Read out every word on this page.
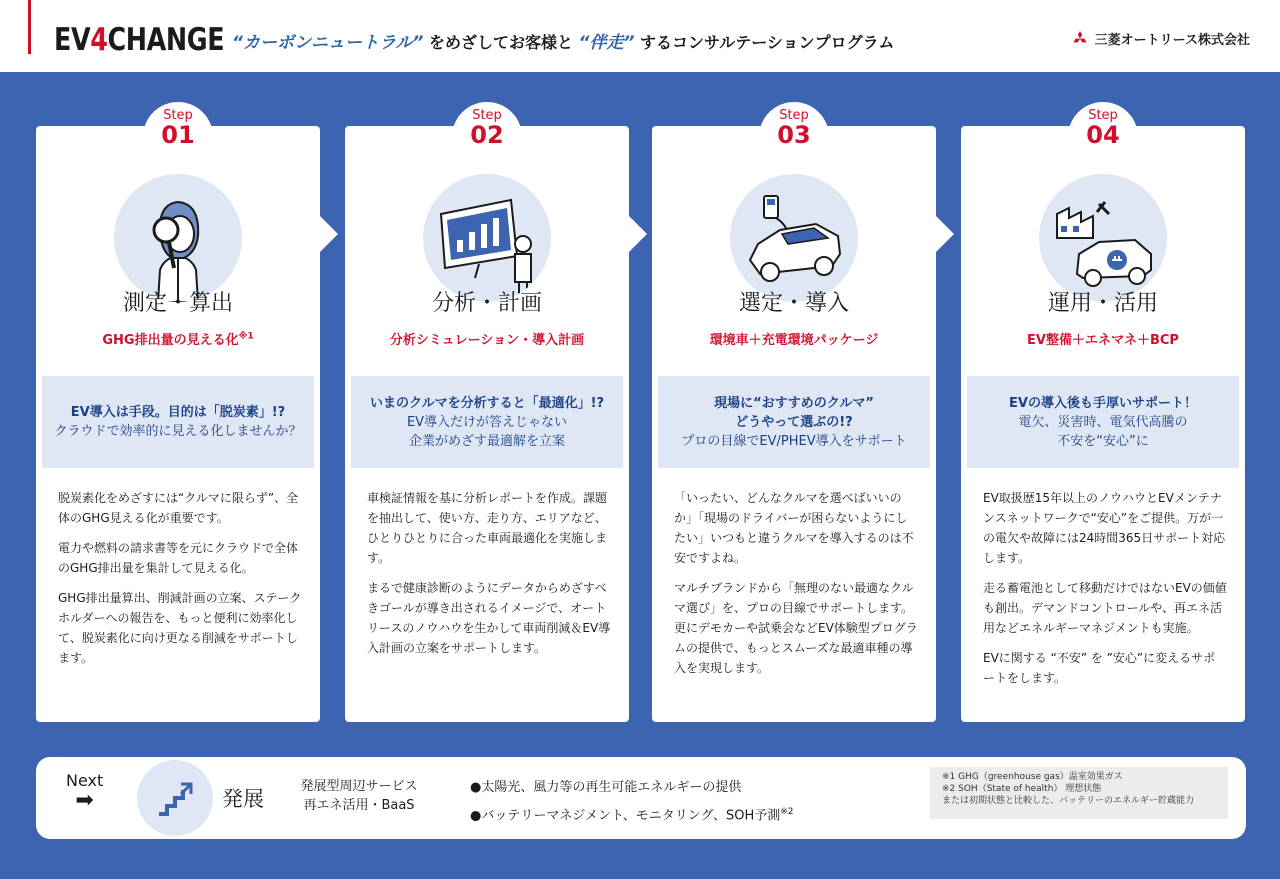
EV4CHANGE “カーボンニュートラル” をめざしてお客様と “伴走” するコンサルテーションプログラム	三菱オートリース株式会社
Step
01
測定・算出
GHG排出量の見える化$^{※1}$
EV導入は手段。目的は「脱炭素」!?
クラウドで効率的に見える化しませんか？

脱炭素化をめざすには“クルマに限らず”、全体のGHG見える化が重要です。

電力や燃料の請求書等を元にクラウドで全体のGHG排出量を集計して見える化。

GHG排出量算出、削減計画の立案、ステークホルダーへの報告を、もっと便利に効率化して、脱炭素化に向け更なる削減をサポートします。

Step
02
分析・計画
分析シミュレーション・導入計画
いまのクルマを分析すると「最適化」!?
EV導入だけが答えじゃない
企業がめざす最適解を立案

車検証情報を基に分析レポートを作成。課題を抽出して、使い方、走り方、エリアなど、ひとりひとりに合った車両最適化を実施します。

まるで健康診断のようにデータからめざすべきゴールが導き出されるイメージで、オートリースのノウハウを生かして車両削減＆EV導入計画の立案をサポートします。

Step
03
選定・導入
環境車＋充電環境パッケージ
現場に“おすすめのクルマ”
どうやって選ぶの!?
プロの目線でEV/PHEV導入をサポート

「いったい、どんなクルマを選べばいいのか」「現場のドライバーが困らないようにしたい」いつもと違うクルマを導入するのは不安ですよね。

マルチブランドから「無理のない最適なクルマ選び」を、プロの目線でサポートします。更にデモカーや試乗会などEV体験型プログラムの提供で、もっとスムーズな最適車種の導入を実現します。

Step
04
運用・活用
EV整備＋エネマネ＋BCP
EVの導入後も手厚いサポート！
電欠、災害時、電気代高騰の
不安を“安心”に

EV取扱歴15年以上のノウハウとEVメンテナンスネットワークで“安心”をご提供。万が一の電欠や故障には24時間365日サポート対応します。

走る蓄電池として移動だけではないEVの価値も創出。デマンドコントロールや、再エネ活用などエネルギーマネジメントも実施。

EVに関する “不安” を ”安心”に変えるサポートをします。

Next
➡	発展
発展型周辺サービス
再エネ活用・BaaS
●太陽光、風力等の再生可能エネルギーの提供
●バッテリーマネジメント、モニタリング、SOH予測$^{※2}$
※1 GHG（greenhouse gas）温室効果ガス
※2 SOH（State of health） 理想状態
または初期状態と比較した、バッテリーのエネルギー貯蔵能力
